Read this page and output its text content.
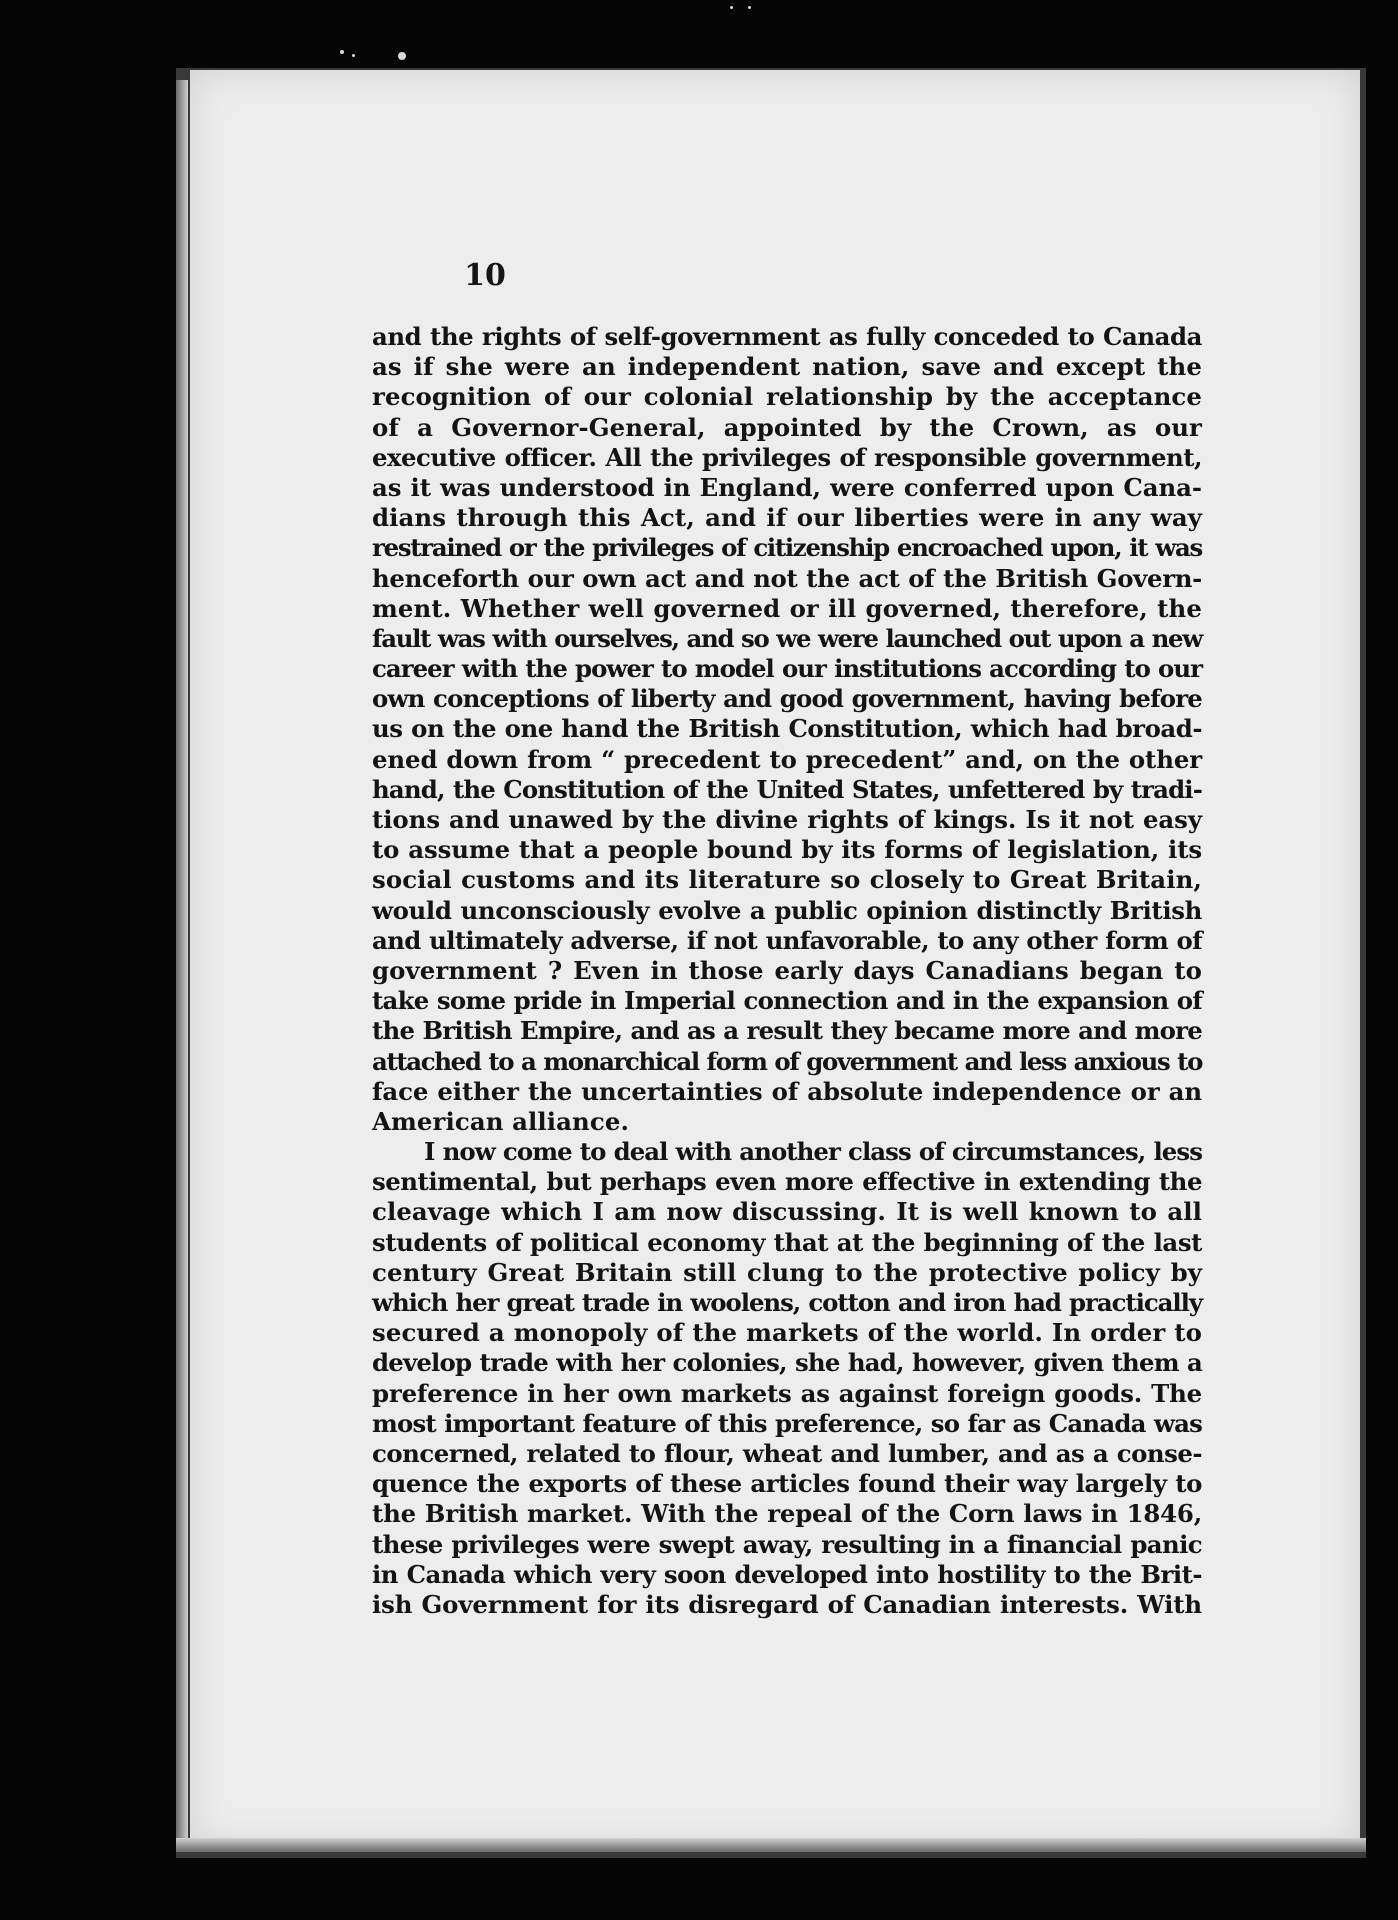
10
and the rights of self-government as fully conceded to Canada
as if she were an independent nation, save and except the
recognition of our colonial relationship by the acceptance
of a Governor-General, appointed by the Crown, as our
executive officer. All the privileges of responsible government,
as it was understood in England, were conferred upon Cana-
dians through this Act, and if our liberties were in any way
restrained or the privileges of citizenship encroached upon, it was
henceforth our own act and not the act of the British Govern-
ment. Whether well governed or ill governed, therefore, the
fault was with ourselves, and so we were launched out upon a new
career with the power to model our institutions according to our
own conceptions of liberty and good government, having before
us on the one hand the British Constitution, which had broad-
ened down from “ precedent to precedent” and, on the other
hand, the Constitution of the United States, unfettered by tradi-
tions and unawed by the divine rights of kings. Is it not easy
to assume that a people bound by its forms of legislation, its
social customs and its literature so closely to Great Britain,
would unconsciously evolve a public opinion distinctly British
and ultimately adverse, if not unfavorable, to any other form of
government ? Even in those early days Canadians began to
take some pride in Imperial connection and in the expansion of
the British Empire, and as a result they became more and more
attached to a monarchical form of government and less anxious to
face either the uncertainties of absolute independence or an
American alliance.
I now come to deal with another class of circumstances, less
sentimental, but perhaps even more effective in extending the
cleavage which I am now discussing. It is well known to all
students of political economy that at the beginning of the last
century Great Britain still clung to the protective policy by
which her great trade in woolens, cotton and iron had practically
secured a monopoly of the markets of the world. In order to
develop trade with her colonies, she had, however, given them a
preference in her own markets as against foreign goods. The
most important feature of this preference, so far as Canada was
concerned, related to flour, wheat and lumber, and as a conse-
quence the exports of these articles found their way largely to
the British market. With the repeal of the Corn laws in 1846,
these privileges were swept away, resulting in a financial panic
in Canada which very soon developed into hostility to the Brit-
ish Government for its disregard of Canadian interests. With
